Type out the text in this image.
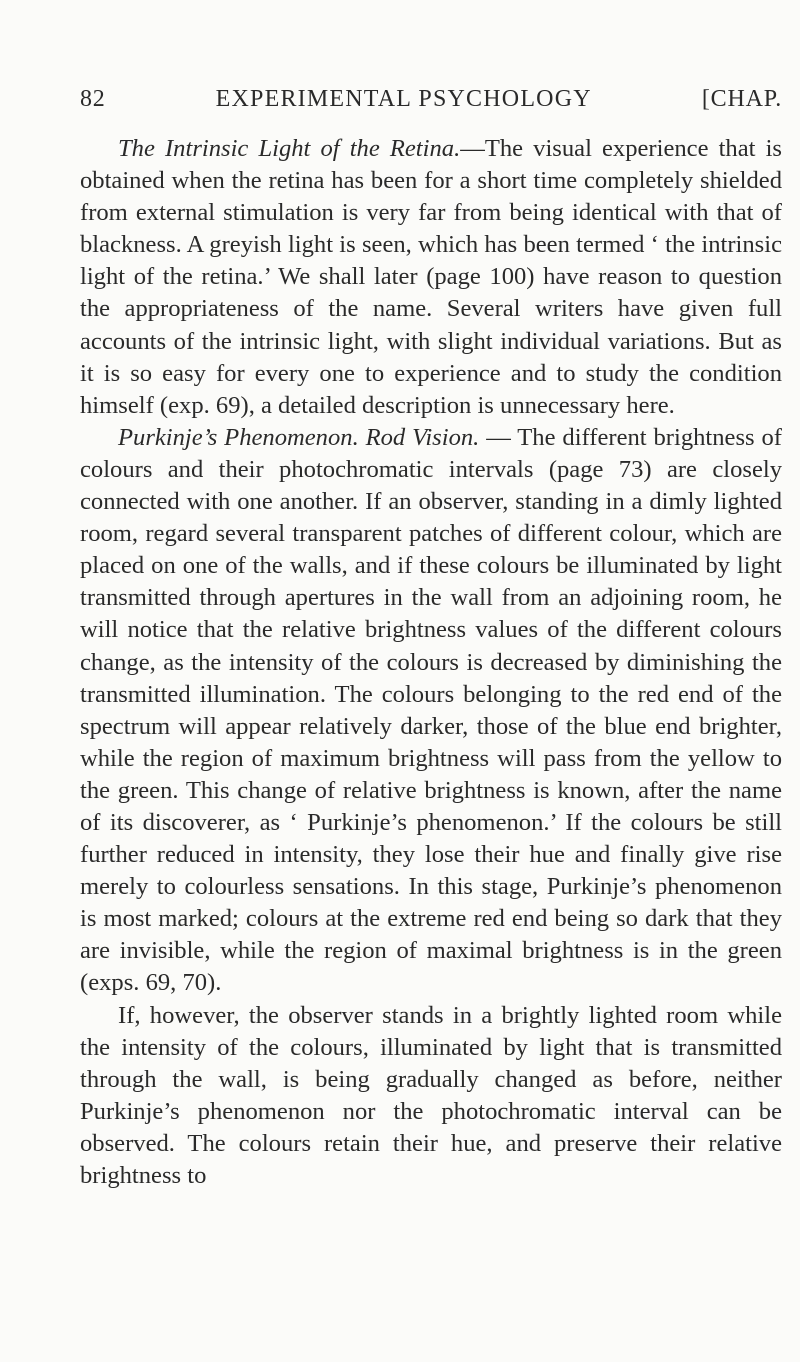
82	EXPERIMENTAL PSYCHOLOGY	[CHAP.

The Intrinsic Light of the Retina.—The visual experience that is obtained when the retina has been for a short time completely shielded from external stimulation is very far from being identical with that of blackness. A greyish light is seen, which has been termed ‘ the intrinsic light of the retina.’ We shall later (page 100) have reason to question the appropriateness of the name. Several writers have given full accounts of the intrinsic light, with slight individual variations. But as it is so easy for every one to experience and to study the condition himself (exp. 69), a detailed description is unnecessary here.

Purkinje’s Phenomenon. Rod Vision. — The different brightness of colours and their photochromatic intervals (page 73) are closely connected with one another. If an observer, standing in a dimly lighted room, regard several transparent patches of different colour, which are placed on one of the walls, and if these colours be illuminated by light transmitted through apertures in the wall from an adjoining room, he will notice that the relative brightness values of the different colours change, as the intensity of the colours is decreased by diminishing the transmitted illumination. The colours belonging to the red end of the spectrum will appear relatively darker, those of the blue end brighter, while the region of maximum brightness will pass from the yellow to the green. This change of relative brightness is known, after the name of its discoverer, as ‘ Purkinje’s phenomenon.’ If the colours be still further reduced in intensity, they lose their hue and finally give rise merely to colourless sensations. In this stage, Purkinje’s phenomenon is most marked; colours at the extreme red end being so dark that they are invisible, while the region of maximal brightness is in the green (exps. 69, 70).

If, however, the observer stands in a brightly lighted room while the intensity of the colours, illuminated by light that is transmitted through the wall, is being gradually changed as before, neither Purkinje’s phenomenon nor the photochromatic interval can be observed. The colours retain their hue, and preserve their relative brightness to
